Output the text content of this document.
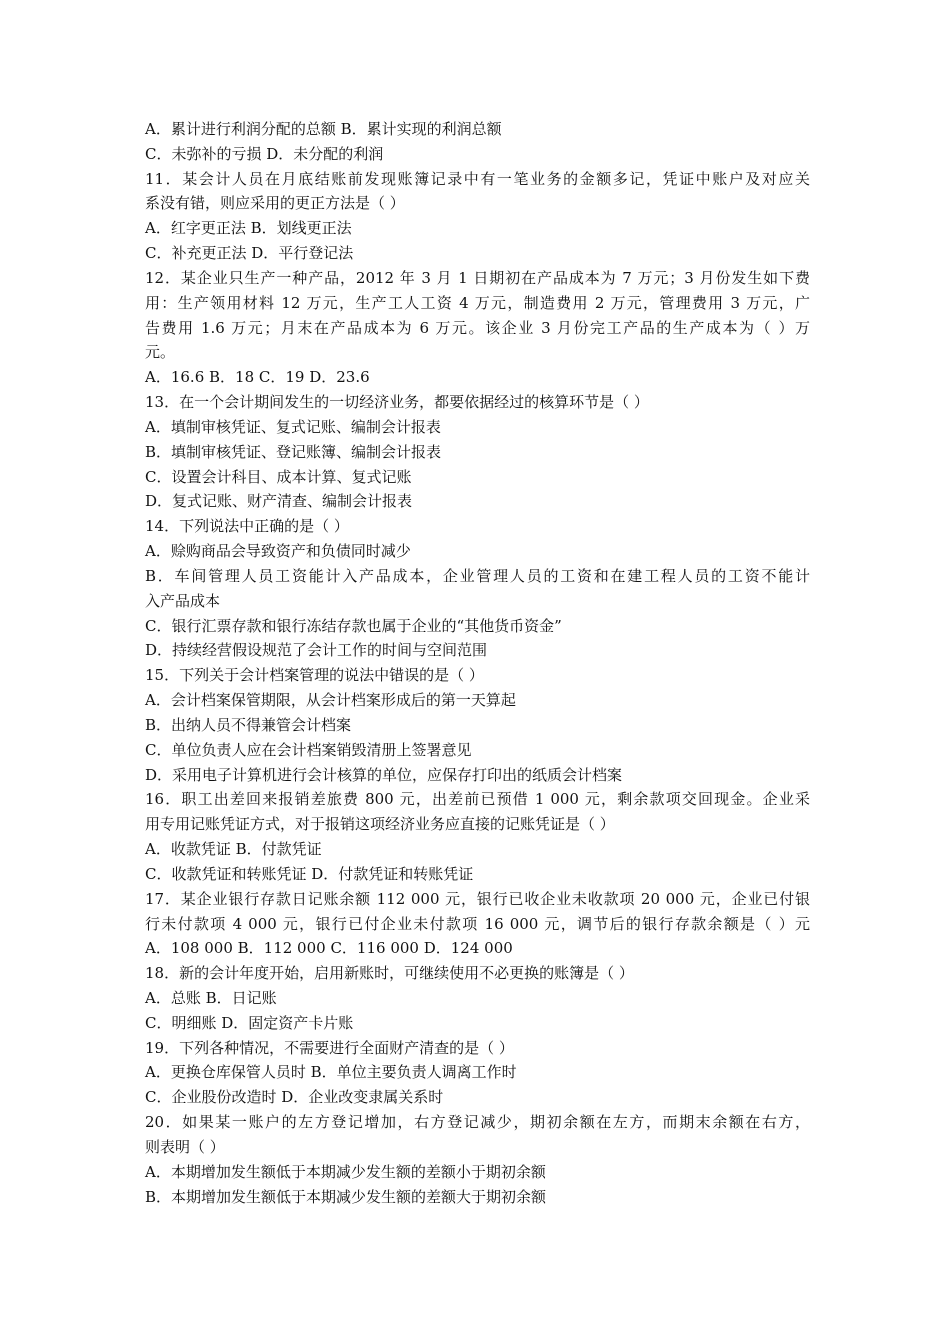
A．累计进行利润分配的总额 B．累计实现的利润总额
C．未弥补的亏损 D．未分配的利润
11．某会计人员在月底结账前发现账簿记录中有一笔业务的金额多记，凭证中账户及对应关
系没有错，则应采用的更正方法是（ ）
A．红字更正法 B．划线更正法
C．补充更正法 D．平行登记法
12．某企业只生产一种产品，2012 年 3 月 1 日期初在产品成本为 7 万元；3 月份发生如下费
用：生产领用材料 12 万元，生产工人工资 4 万元，制造费用 2 万元，管理费用 3 万元，广
告费用 1.6 万元；月末在产品成本为 6 万元。该企业 3 月份完工产品的生产成本为（ ）万
元。
A．16.6 B．18 C．19 D．23.6
13．在一个会计期间发生的一切经济业务，都要依据经过的核算环节是（ ）
A．填制审核凭证、复式记账、编制会计报表
B．填制审核凭证、登记账簿、编制会计报表
C．设置会计科目、成本计算、复式记账
D．复式记账、财产清查、编制会计报表
14．下列说法中正确的是（ ）
A．赊购商品会导致资产和负债同时减少
B．车间管理人员工资能计入产品成本，企业管理人员的工资和在建工程人员的工资不能计
入产品成本
C．银行汇票存款和银行冻结存款也属于企业的“其他货币资金”
D．持续经营假设规范了会计工作的时间与空间范围
15．下列关于会计档案管理的说法中错误的是（ ）
A．会计档案保管期限，从会计档案形成后的第一天算起
B．出纳人员不得兼管会计档案
C．单位负责人应在会计档案销毁清册上签署意见
D．采用电子计算机进行会计核算的单位，应保存打印出的纸质会计档案
16．职工出差回来报销差旅费 800 元，出差前已预借 1 000 元，剩余款项交回现金。企业采
用专用记账凭证方式，对于报销这项经济业务应直接的记账凭证是（ ）
A．收款凭证 B．付款凭证
C．收款凭证和转账凭证 D．付款凭证和转账凭证
17．某企业银行存款日记账余额 112 000 元，银行已收企业未收款项 20 000 元，企业已付银
行未付款项 4 000 元，银行已付企业未付款项 16 000 元，调节后的银行存款余额是（ ）元
A．108 000 B．112 000 C．116 000 D．124 000
18．新的会计年度开始，启用新账时，可继续使用不必更换的账簿是（ ）
A．总账 B．日记账
C．明细账 D．固定资产卡片账
19．下列各种情况，不需要进行全面财产清查的是（ ）
A．更换仓库保管人员时 B．单位主要负责人调离工作时
C．企业股份改造时 D．企业改变隶属关系时
20．如果某一账户的左方登记增加，右方登记减少，期初余额在左方，而期末余额在右方，
则表明（ ）
A．本期增加发生额低于本期减少发生额的差额小于期初余额
B．本期增加发生额低于本期减少发生额的差额大于期初余额
